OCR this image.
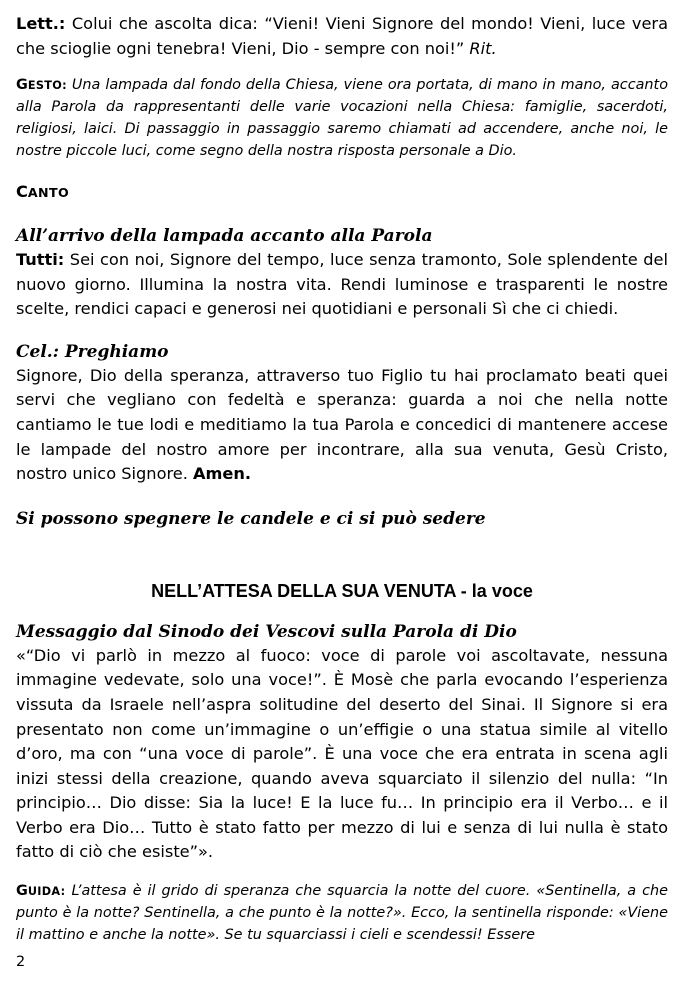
Lett.: Colui che ascolta dica: “Vieni! Vieni Signore del mondo! Vieni, luce vera che scioglie ogni tenebra! Vieni, Dio - sempre con noi!” Rit.

GESTO: Una lampada dal fondo della Chiesa, viene ora portata, di mano in mano, accanto alla Parola da rappresentanti delle varie vocazioni nella Chiesa: famiglie, sacerdoti, religiosi, laici. Di passaggio in passaggio saremo chiamati ad accendere, anche noi, le nostre piccole luci, come segno della nostra risposta personale a Dio.

CANTO

All’arrivo della lampada accanto alla Parola

Tutti: Sei con noi, Signore del tempo, luce senza tramonto, Sole splendente del nuovo giorno. Illumina la nostra vita. Rendi luminose e trasparenti le nostre scelte, rendici capaci e generosi nei quotidiani e personali Sì che ci chiedi.

Cel.: Preghiamo

Signore, Dio della speranza, attraverso tuo Figlio tu hai proclamato beati quei servi che vegliano con fedeltà e speranza: guarda a noi che nella notte cantiamo le tue lodi e meditiamo la tua Parola e concedici di mantenere accese le lampade del nostro amore per incontrare, alla sua venuta, Gesù Cristo, nostro unico Signore. Amen.

Si possono spegnere le candele e ci si può sedere

NELL’ATTESA DELLA SUA VENUTA - la voce

Messaggio dal Sinodo dei Vescovi sulla Parola di Dio

«“Dio vi parlò in mezzo al fuoco: voce di parole voi ascoltavate, nessuna immagine vedevate, solo una voce!”. È Mosè che parla evocando l’esperienza vissuta da Israele nell’aspra solitudine del deserto del Sinai. Il Signore si era presentato non come un’immagine o un’effigie o una statua simile al vitello d’oro, ma con “una voce di parole”. È una voce che era entrata in scena agli inizi stessi della creazione, quando aveva squarciato il silenzio del nulla: “In principio… Dio disse: Sia la luce! E la luce fu… In principio era il Verbo… e il Verbo era Dio… Tutto è stato fatto per mezzo di lui e senza di lui nulla è stato fatto di ciò che esiste”».

GUIDA: L’attesa è il grido di speranza che squarcia la notte del cuore. «Sentinella, a che punto è la notte? Sentinella, a che punto è la notte?». Ecco, la sentinella risponde: «Viene il mattino e anche la notte». Se tu squarciassi i cieli e scendessi! Essere

2
